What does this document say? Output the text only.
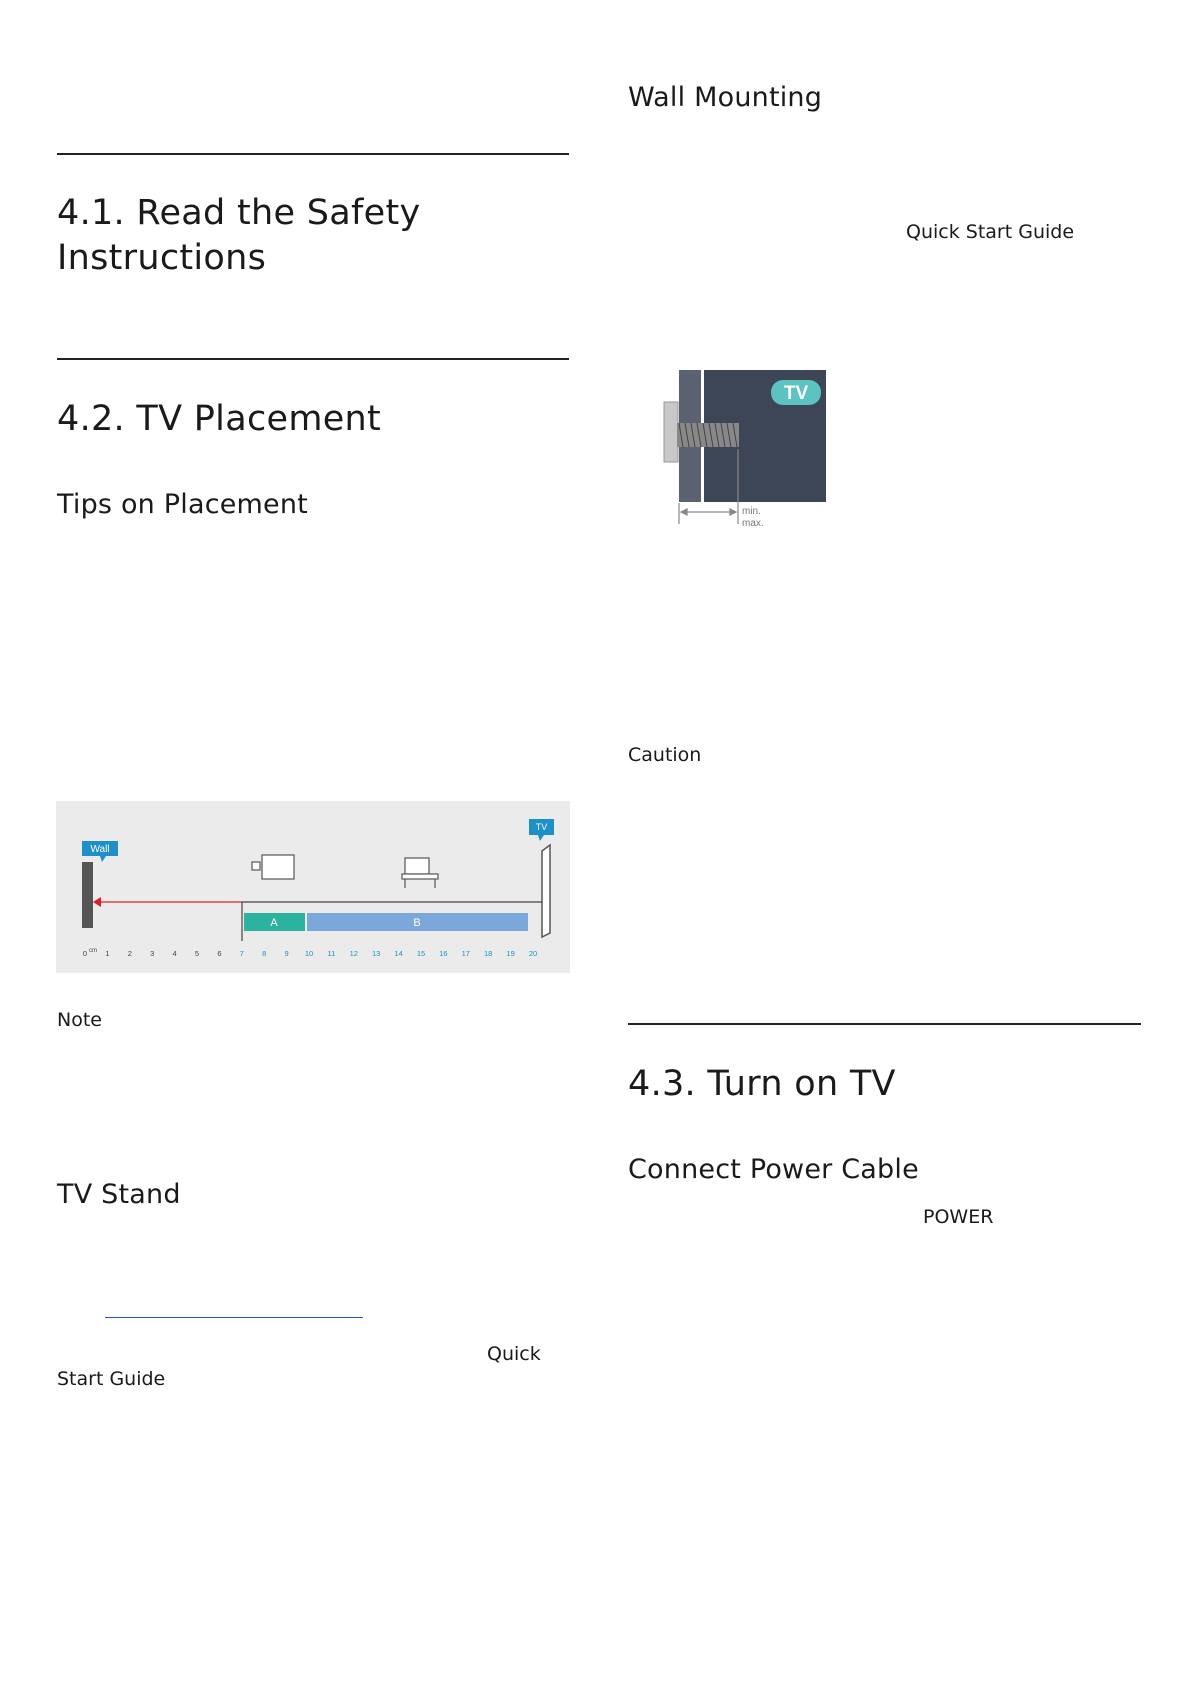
4.1. Read the Safety Instructions
4.2. TV Placement
Tips on Placement
Wall
TV
A	B
0 1 2 3 4 5 6 7 8 9 10 11 12 13 14 15 16 17 18 19 20
cm
Note
TV Stand
Quick
Start Guide
Wall Mounting
Quick Start Guide
TV
min.
max.
Caution
4.3. Turn on TV
Connect Power Cable
POWER
